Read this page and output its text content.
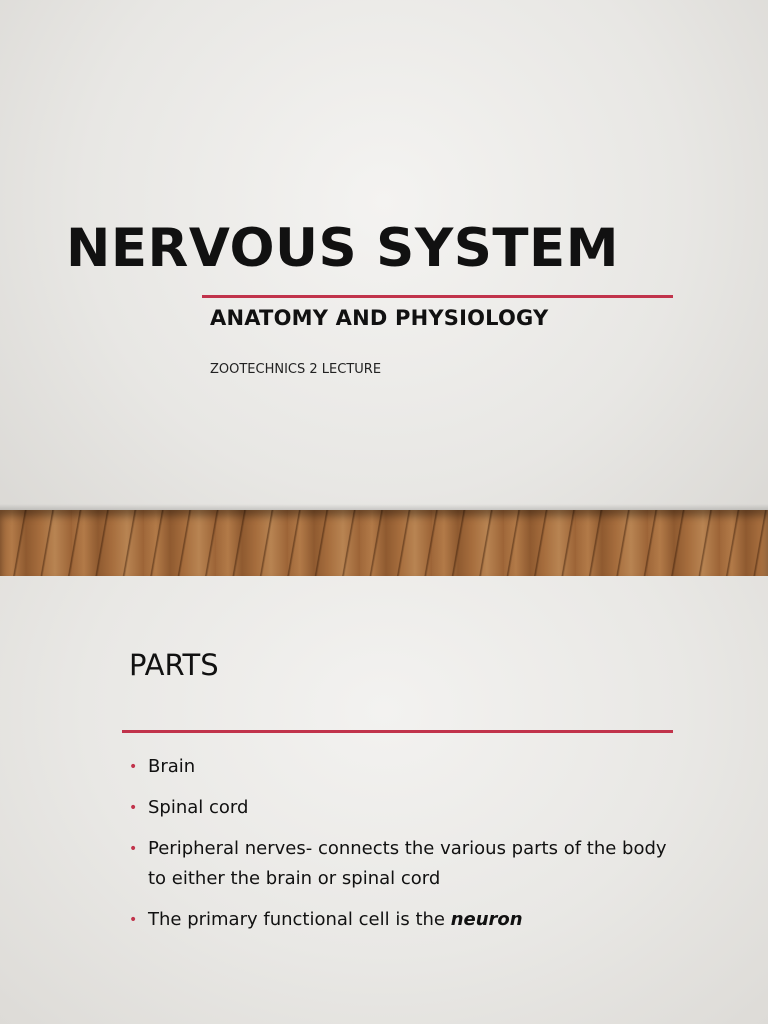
NERVOUS SYSTEM
ANATOMY AND PHYSIOLOGY
ZOOTECHNICS 2 LECTURE
PARTS
• Brain
• Spinal cord
• Peripheral nerves- connects the various parts of the body to either the brain or spinal cord
• The primary functional cell is the neuron
